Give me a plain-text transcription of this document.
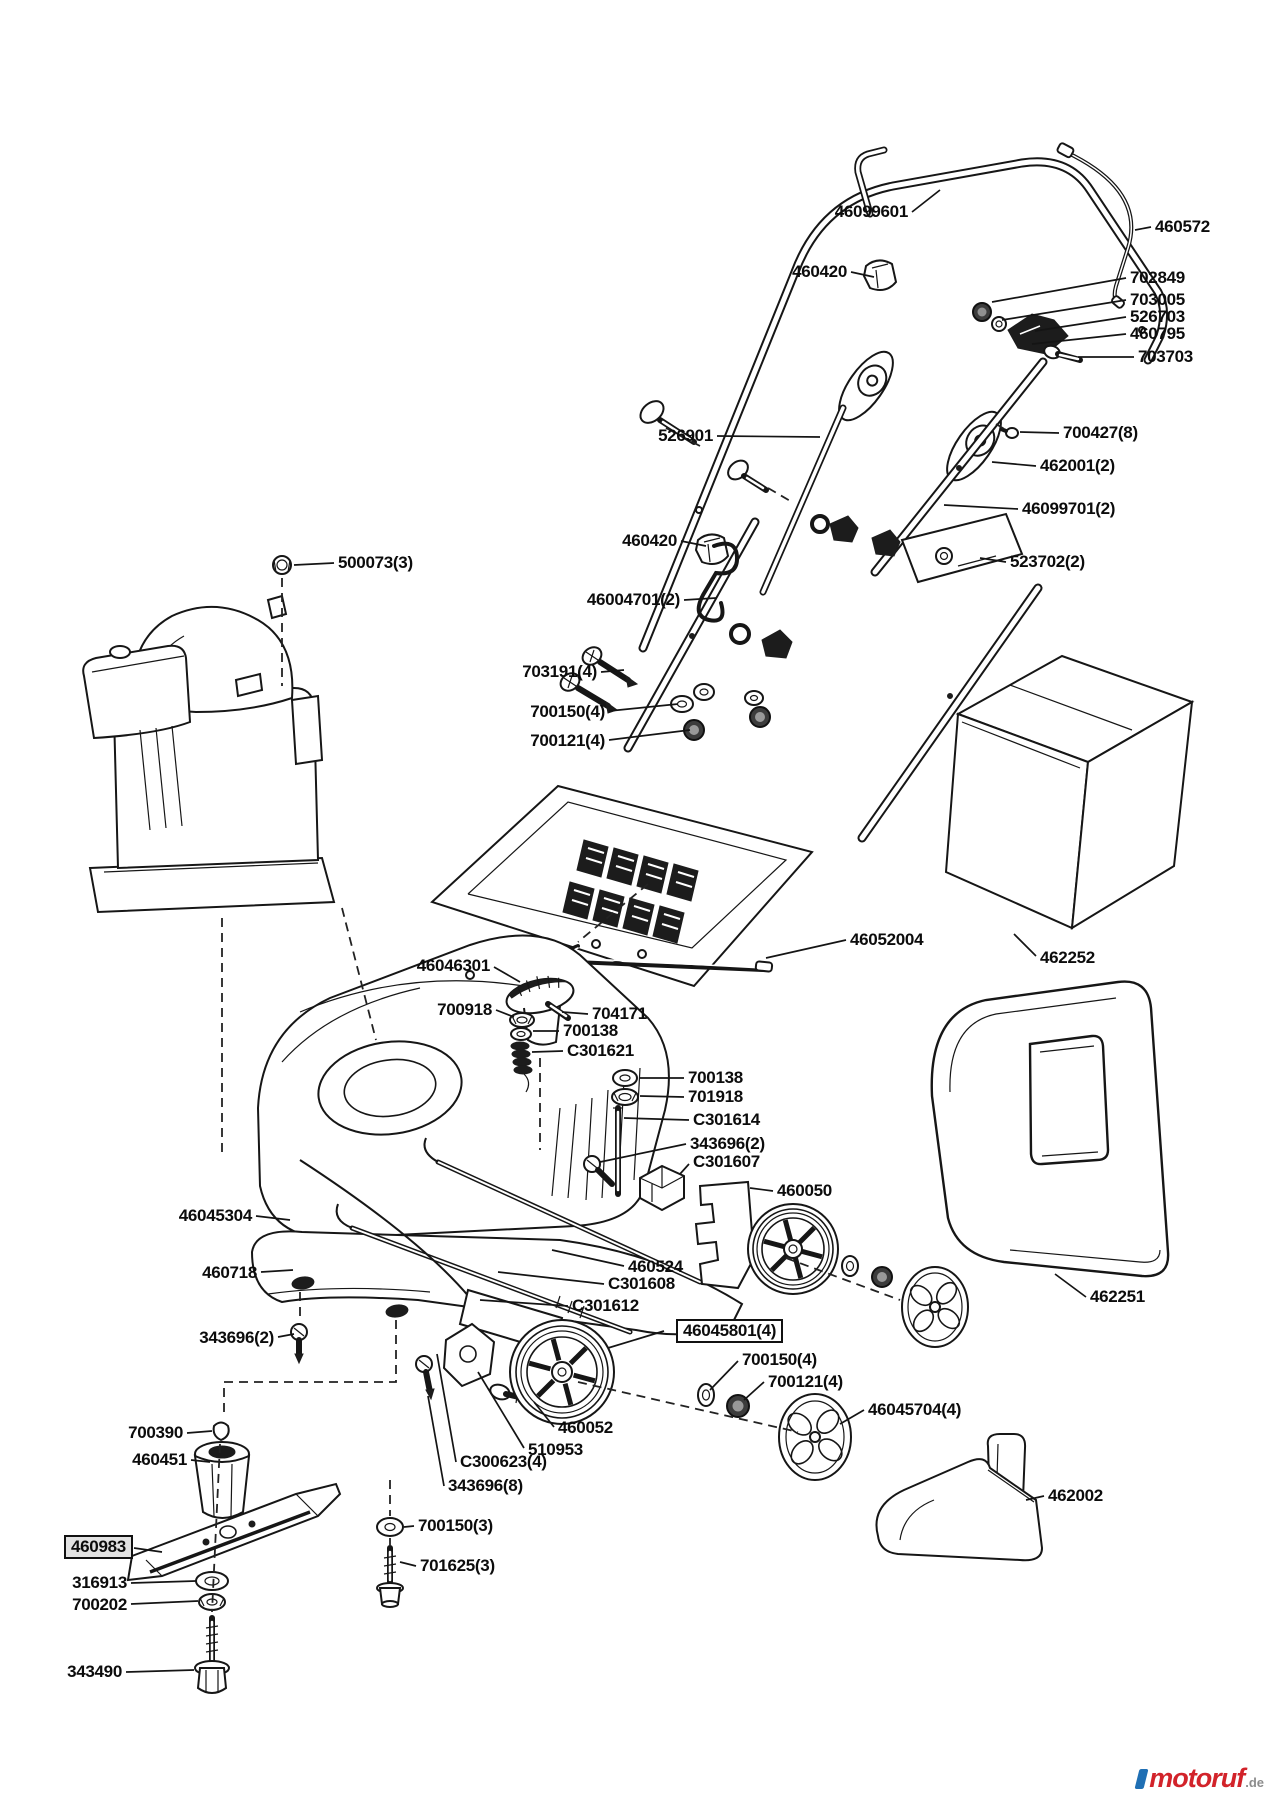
46099601
460572
460420	702849
703005
526703
460795
703703
526901	700427(8)
462001(2)
46099701(2)
460420
523702(2)
46004701(2)
703191(4)
700150(4)
700121(4)
500073(3)
46052004
462252
46046301
700918	704171
700138
C301621
700138
701918
C301614
343696(2)
C301607
460050
46045304
460718	460524
C301608
C301612
46045801(4)
700150(4)
700121(4)
46045704(4)
460052
510953
C300623(4)
343696(8)
462002
700150(3)
701625(3)
460983
316913
700202
343490
700390
460451
343696(2)
462251
motoruf .de
